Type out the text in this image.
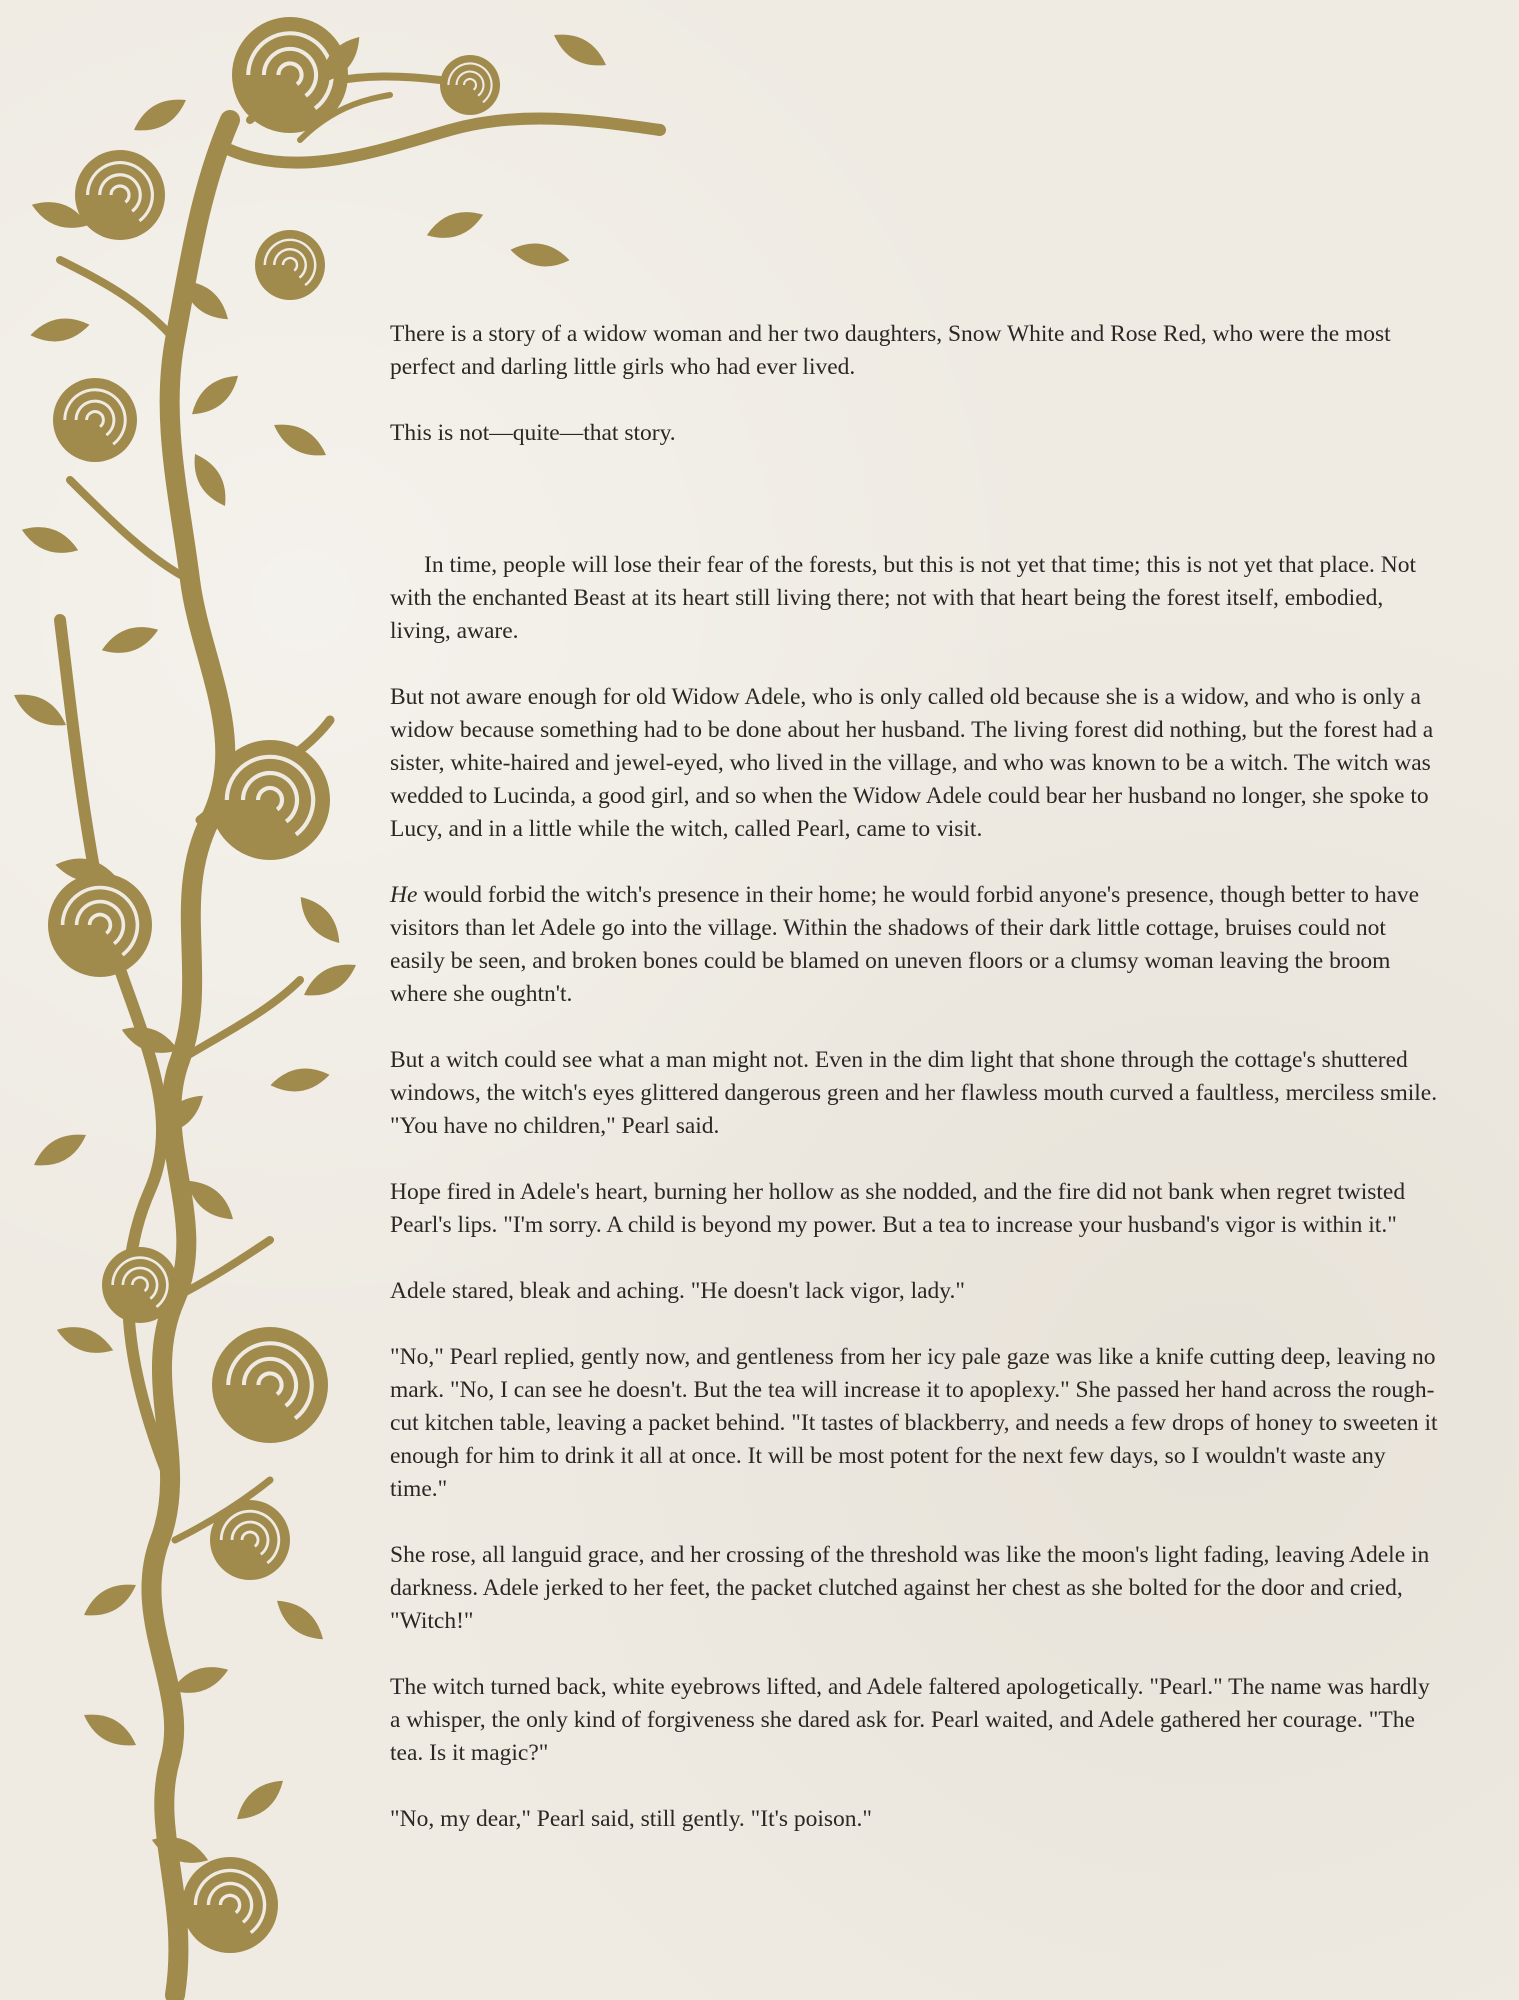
There is a story of a widow woman and her two daughters, Snow White and Rose Red, who were the most perfect and darling little girls who had ever lived.

This is not—quite—that story.

In time, people will lose their fear of the forests, but this is not yet that time; this is not yet that place. Not with the enchanted Beast at its heart still living there; not with that heart being the forest itself, embodied, living, aware.

But not aware enough for old Widow Adele, who is only called old because she is a widow, and who is only a widow because something had to be done about her husband. The living forest did nothing, but the forest had a sister, white-haired and jewel-eyed, who lived in the village, and who was known to be a witch. The witch was wedded to Lucinda, a good girl, and so when the Widow Adele could bear her husband no longer, she spoke to Lucy, and in a little while the witch, called Pearl, came to visit.

He would forbid the witch's presence in their home; he would forbid anyone's presence, though better to have visitors than let Adele go into the village. Within the shadows of their dark little cottage, bruises could not easily be seen, and broken bones could be blamed on uneven floors or a clumsy woman leaving the broom where she oughtn't.

But a witch could see what a man might not. Even in the dim light that shone through the cottage's shuttered windows, the witch's eyes glittered dangerous green and her flawless mouth curved a faultless, merciless smile. "You have no children," Pearl said.

Hope fired in Adele's heart, burning her hollow as she nodded, and the fire did not bank when regret twisted Pearl's lips. "I'm sorry. A child is beyond my power. But a tea to increase your husband's vigor is within it."

Adele stared, bleak and aching. "He doesn't lack vigor, lady."

"No," Pearl replied, gently now, and gentleness from her icy pale gaze was like a knife cutting deep, leaving no mark. "No, I can see he doesn't. But the tea will increase it to apoplexy." She passed her hand across the rough-cut kitchen table, leaving a packet behind. "It tastes of blackberry, and needs a few drops of honey to sweeten it enough for him to drink it all at once. It will be most potent for the next few days, so I wouldn't waste any time."

She rose, all languid grace, and her crossing of the threshold was like the moon's light fading, leaving Adele in darkness. Adele jerked to her feet, the packet clutched against her chest as she bolted for the door and cried, "Witch!"

The witch turned back, white eyebrows lifted, and Adele faltered apologetically. "Pearl." The name was hardly a whisper, the only kind of forgiveness she dared ask for. Pearl waited, and Adele gathered her courage. "The tea. Is it magic?"

"No, my dear," Pearl said, still gently. "It's poison."
